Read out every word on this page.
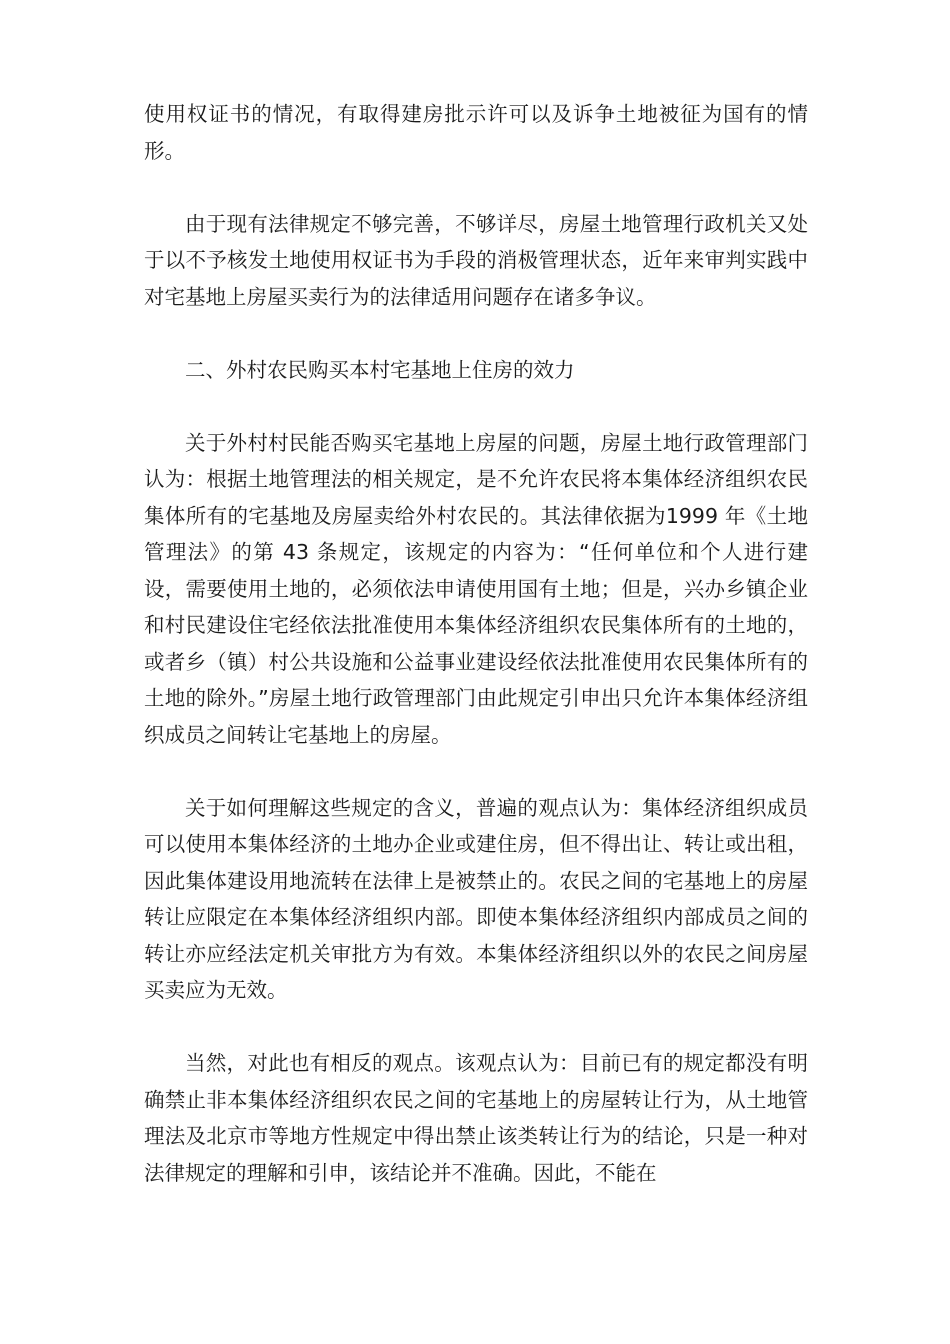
使用权证书的情况，有取得建房批示许可以及诉争土地被征为国有的情形。

由于现有法律规定不够完善，不够详尽，房屋土地管理行政机关又处于以不予核发土地使用权证书为手段的消极管理状态，近年来审判实践中对宅基地上房屋买卖行为的法律适用问题存在诸多争议。

二、外村农民购买本村宅基地上住房的效力

关于外村村民能否购买宅基地上房屋的问题，房屋土地行政管理部门认为：根据土地管理法的相关规定，是不允许农民将本集体经济组织农民集体所有的宅基地及房屋卖给外村农民的。其法律依据为1999 年《土地管理法》的第 43 条规定，该规定的内容为：“任何单位和个人进行建设，需要使用土地的，必须依法申请使用国有土地；但是，兴办乡镇企业和村民建设住宅经依法批准使用本集体经济组织农民集体所有的土地的，或者乡（镇）村公共设施和公益事业建设经依法批准使用农民集体所有的土地的除外。”房屋土地行政管理部门由此规定引申出只允许本集体经济组织成员之间转让宅基地上的房屋。

关于如何理解这些规定的含义，普遍的观点认为：集体经济组织成员可以使用本集体经济的土地办企业或建住房，但不得出让、转让或出租，因此集体建设用地流转在法律上是被禁止的。农民之间的宅基地上的房屋转让应限定在本集体经济组织内部。即使本集体经济组织内部成员之间的转让亦应经法定机关审批方为有效。本集体经济组织以外的农民之间房屋买卖应为无效。

当然，对此也有相反的观点。该观点认为：目前已有的规定都没有明确禁止非本集体经济组织农民之间的宅基地上的房屋转让行为，从土地管理法及北京市等地方性规定中得出禁止该类转让行为的结论，只是一种对法律规定的理解和引申，该结论并不准确。因此，不能在
